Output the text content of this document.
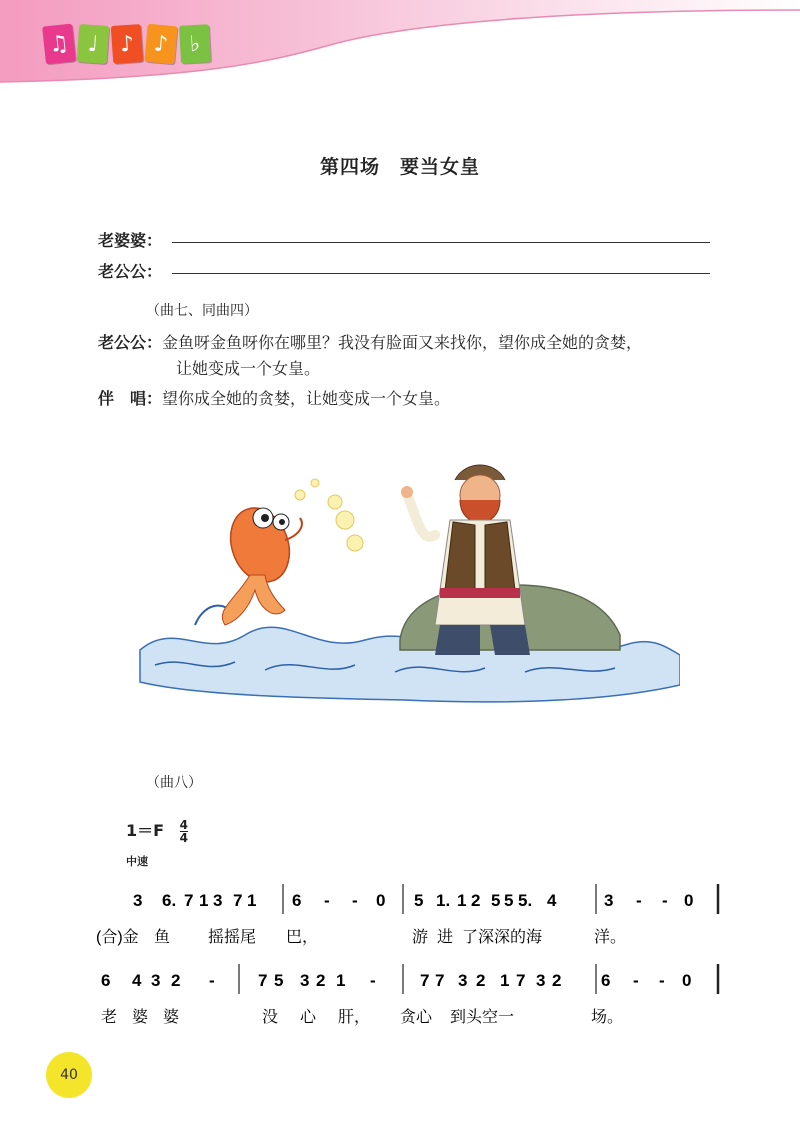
♫ ♩ ♪ ♪ ♭
第四场　要当女皇
老婆婆：
老公公：
（曲七、同曲四）
老公公：金鱼呀金鱼呀你在哪里？我没有脸面又来找你，望你成全她的贪婪，
让她变成一个女皇。
伴　唱：望你成全她的贪婪，让她变成一个女皇。
（曲八）
$1=F \frac{4}{4}$
中速
3 6. 7 1 3 7 1 6 - - 0 5 1. 1 2 5 5 5. 4	3 - - 0
(合)金 鱼 摇摇尾 巴，	游 进 了深深的海	洋。
6 4 3 2 -	7 5 3 2 1 -	7 7 3 2 1 7 3 2 6 - - 0
老 婆 婆	没 心 肝， 贪心 到头空 一	场。
40
